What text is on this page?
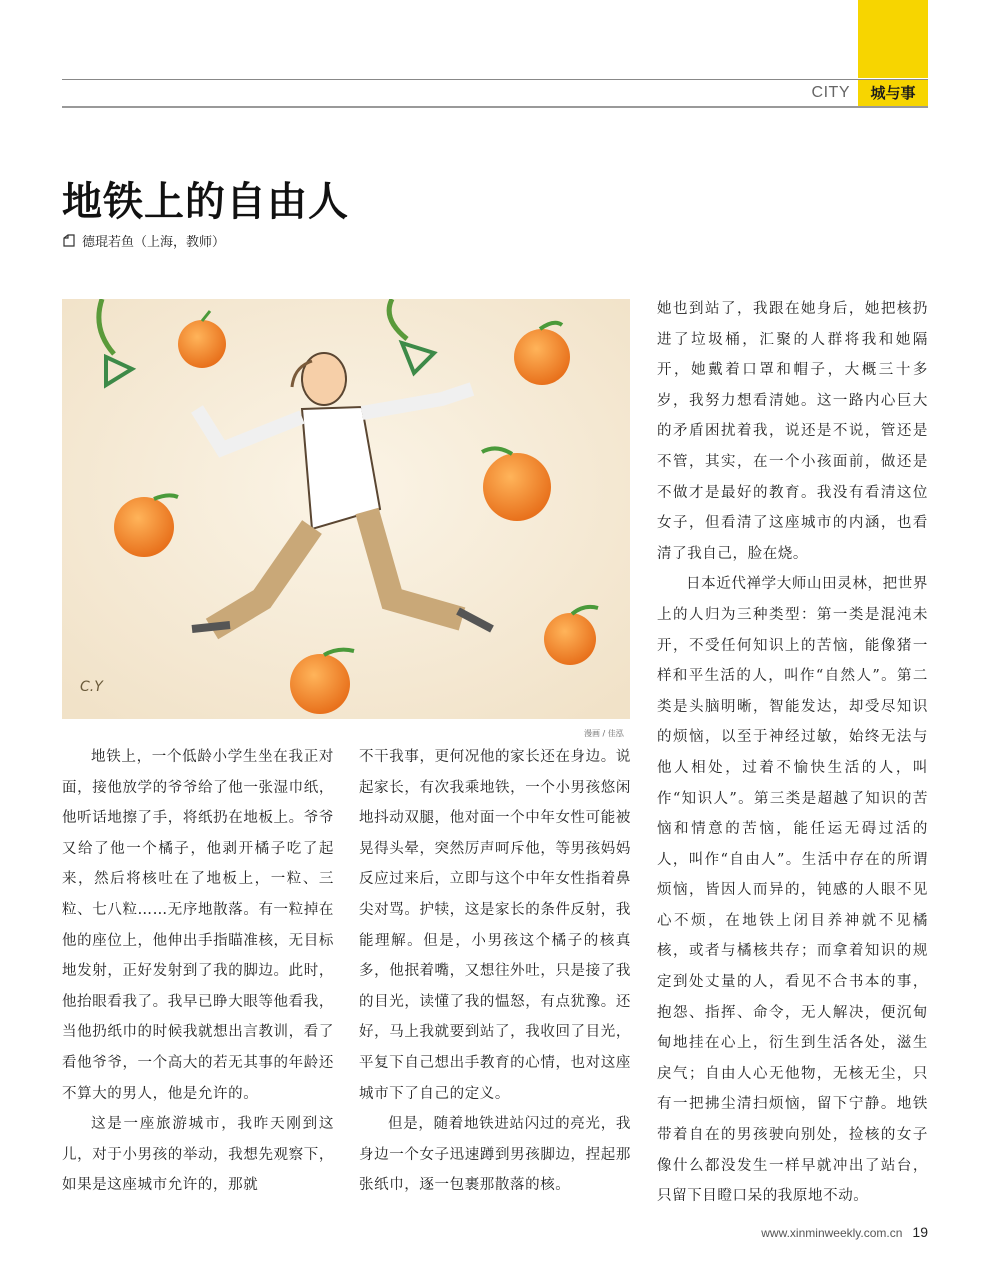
CITY	城与事
地铁上的自由人
德琨若鱼（上海，教师）
C.Y
漫画 / 佳泓

地铁上，一个低龄小学生坐在我正对面，接他放学的爷爷给了他一张湿巾纸，他听话地擦了手，将纸扔在地板上。爷爷又给了他一个橘子，他剥开橘子吃了起来，然后将核吐在了地板上，一粒、三粒、七八粒……无序地散落。有一粒掉在他的座位上，他伸出手指瞄准核，无目标地发射，正好发射到了我的脚边。此时，他抬眼看我了。我早已睁大眼等他看我，当他扔纸巾的时候我就想出言教训，看了看他爷爷，一个高大的若无其事的年龄还不算大的男人，他是允许的。

这是一座旅游城市，我昨天刚到这儿，对于小男孩的举动，我想先观察下，如果是这座城市允许的，那就

不干我事，更何况他的家长还在身边。说起家长，有次我乘地铁，一个小男孩悠闲地抖动双腿，他对面一个中年女性可能被晃得头晕，突然厉声呵斥他，等男孩妈妈反应过来后，立即与这个中年女性指着鼻尖对骂。护犊，这是家长的条件反射，我能理解。但是，小男孩这个橘子的核真多，他抿着嘴，又想往外吐，只是接了我的目光，读懂了我的愠怒，有点犹豫。还好，马上我就要到站了，我收回了目光，平复下自己想出手教育的心情，也对这座城市下了自己的定义。

但是，随着地铁进站闪过的亮光，我身边一个女子迅速蹲到男孩脚边，捏起那张纸巾，逐一包裹那散落的核。

她也到站了，我跟在她身后，她把核扔进了垃圾桶，汇聚的人群将我和她隔开，她戴着口罩和帽子，大概三十多岁，我努力想看清她。这一路内心巨大的矛盾困扰着我，说还是不说，管还是不管，其实，在一个小孩面前，做还是不做才是最好的教育。我没有看清这位女子，但看清了这座城市的内涵，也看清了我自己，脸在烧。

日本近代禅学大师山田灵林，把世界上的人归为三种类型：第一类是混沌未开，不受任何知识上的苦恼，能像猪一样和平生活的人，叫作“自然人”。第二类是头脑明晰，智能发达，却受尽知识的烦恼，以至于神经过敏，始终无法与他人相处，过着不愉快生活的人，叫作“知识人”。第三类是超越了知识的苦恼和情意的苦恼，能任运无碍过活的人，叫作“自由人”。生活中存在的所谓烦恼，皆因人而异的，钝感的人眼不见心不烦，在地铁上闭目养神就不见橘核，或者与橘核共存；而拿着知识的规定到处丈量的人，看见不合书本的事，抱怨、指挥、命令，无人解决，便沉甸甸地挂在心上，衍生到生活各处，滋生戾气；自由人心无他物，无核无尘，只有一把拂尘清扫烦恼，留下宁静。地铁带着自在的男孩驶向别处，捡核的女子像什么都没发生一样早就冲出了站台，只留下目瞪口呆的我原地不动。

www.xinminweekly.com.cn 19
